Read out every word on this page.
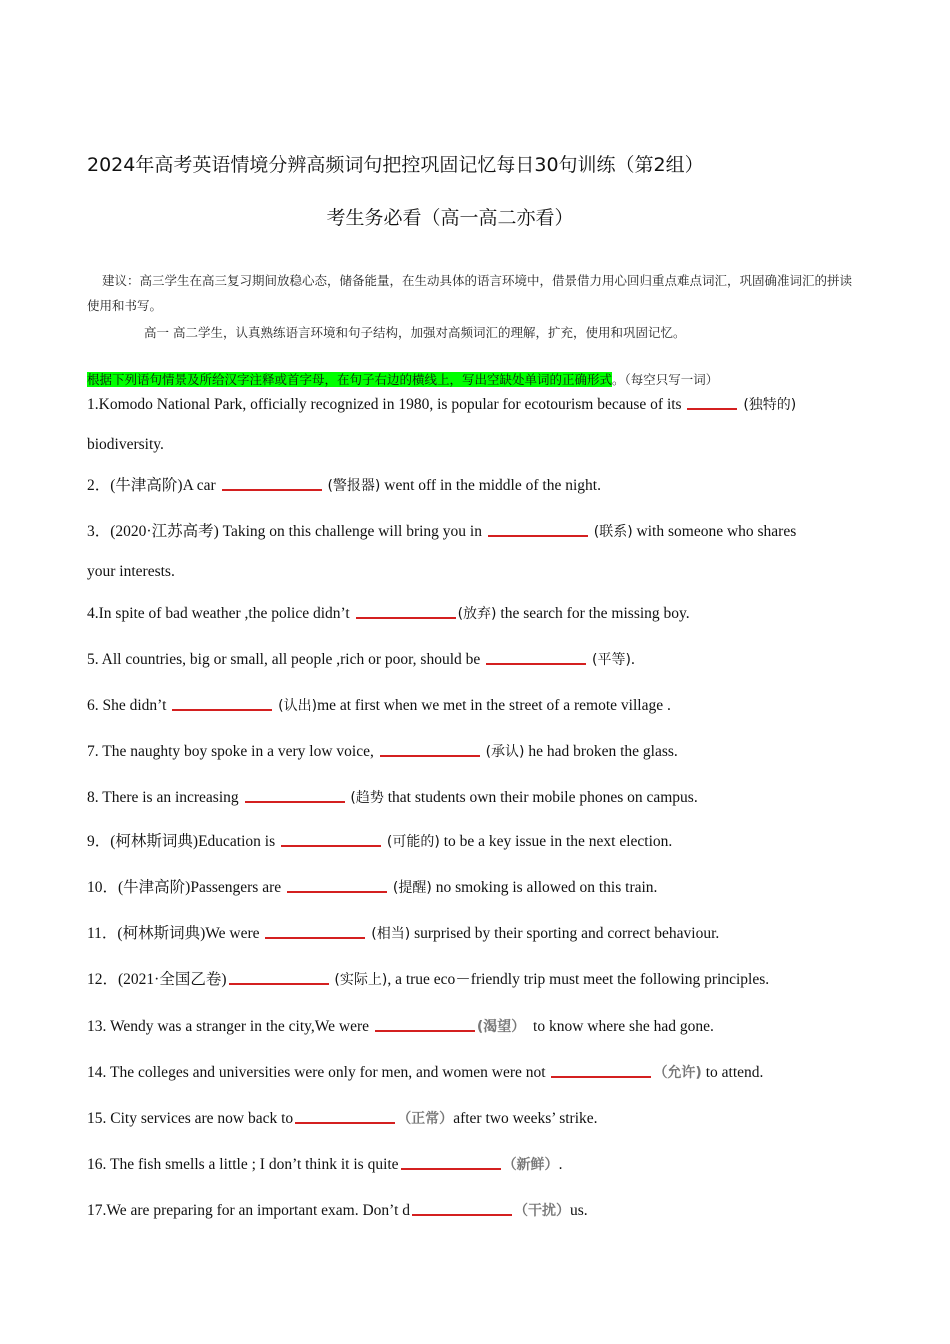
2024年高考英语情境分辨高频词句把控巩固记忆每日30句训练（第2组）
考生务必看（高一高二亦看）

建议：高三学生在高三复习期间放稳心态，储备能量，在生动具体的语言环境中，借景借力用心回归重点难点词汇，巩固确准词汇的拼读 使用和书写。

高一 高二学生，认真熟练语言环境和句子结构，加强对高频词汇的理解，扩充，使用和巩固记忆。

根据下列语句情景及所给汉字注释或首字母，在句子右边的横线上，写出空缺处单词的正确形式。（每空只写一词）
1.Komodo National Park, officially recognized in 1980, is popular for ecotourism because of its	(独特的)
biodiversity.
2．(牛津高阶)A car	(警报器) went off in the middle of the night.
3．(2020·江苏高考) Taking on this challenge will bring you in	(联系) with someone who shares
your interests.
4.In spite of bad weather ,the police didn’t	(放弃) the search for the missing boy.
5. All countries, big or small, all people ,rich or poor, should be	(平等).
6. She didn’t	(认出)me at first when we met in the street of a remote village .
7. The naughty boy spoke in a very low voice,	(承认) he had broken the glass.
8. There is an increasing	(趋势 that students own their mobile phones on campus.
9．(柯林斯词典)Education is	(可能的) to be a key issue in the next election.
10．(牛津高阶)Passengers are	(提醒) no smoking is allowed on this train.
11．(柯林斯词典)We were	(相当) surprised by their sporting and correct behaviour.
12．(2021·全国乙卷)	(实际上), a true eco－friendly trip must meet the following principles.
13. Wendy was a stranger in the city,We were	(渴望） to know where she had gone.
14. The colleges and universities were only for men, and women were not	（允许) to attend.
15. City services are now back to	（正常）after two weeks’ strike.
16. The fish smells a little ; I don’t think it is quite	（新鲜）.
17.We are preparing for an important exam. Don’t d	（干扰）us.
